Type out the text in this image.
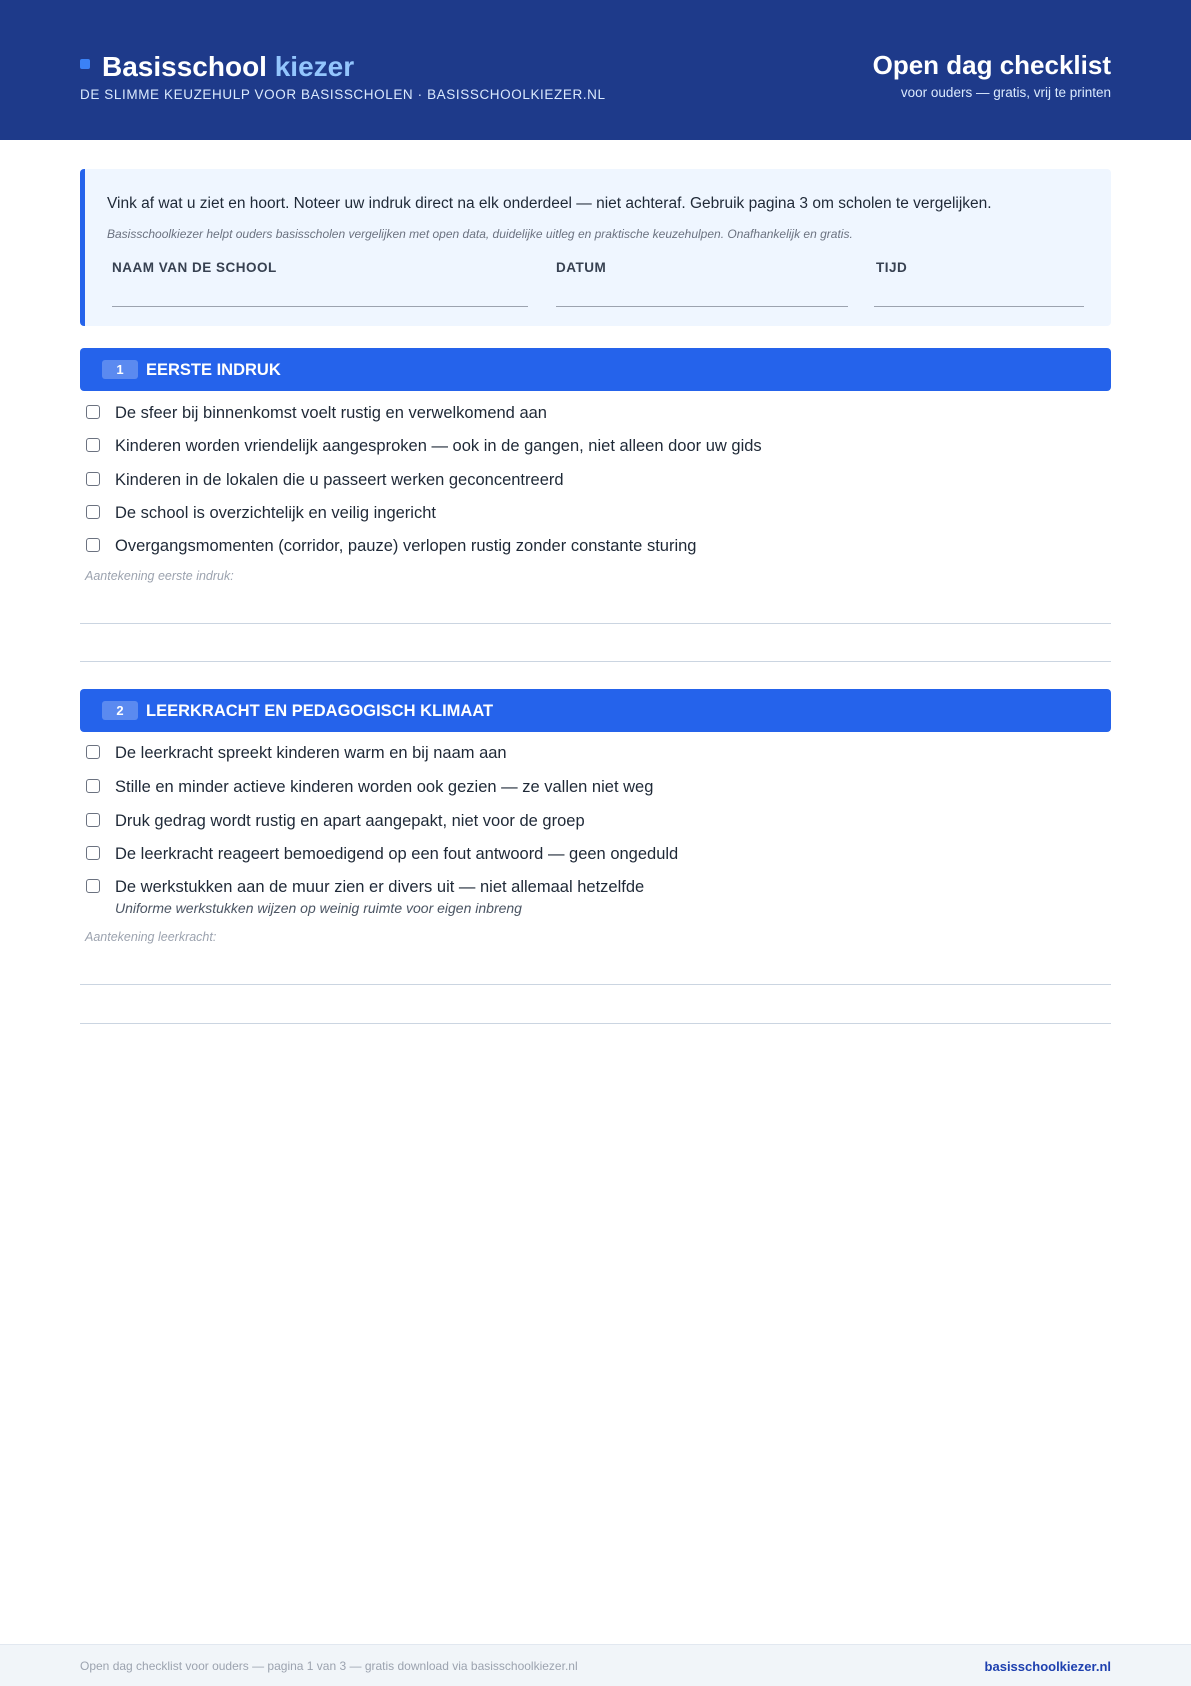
Basisschool kiezer
DE SLIMME KEUZEHULP VOOR BASISSCHOLEN · BASISSCHOOLKIEZER.NL
Open dag checklist
voor ouders — gratis, vrij te printen
Vink af wat u ziet en hoort. Noteer uw indruk direct na elk onderdeel — niet achteraf. Gebruik pagina 3 om scholen te vergelijken.
Basisschoolkiezer helpt ouders basisscholen vergelijken met open data, duidelijke uitleg en praktische keuzehulpen. Onafhankelijk en gratis.
NAAM VAN DE SCHOOL	DATUM	TIJD
1	EERSTE INDRUK
De sfeer bij binnenkomst voelt rustig en verwelkomend aan
Kinderen worden vriendelijk aangesproken — ook in de gangen, niet alleen door uw gids
Kinderen in de lokalen die u passeert werken geconcentreerd
De school is overzichtelijk en veilig ingericht
Overgangsmomenten (corridor, pauze) verlopen rustig zonder constante sturing
Aantekening eerste indruk:
2	LEERKRACHT EN PEDAGOGISCH KLIMAAT
De leerkracht spreekt kinderen warm en bij naam aan
Stille en minder actieve kinderen worden ook gezien — ze vallen niet weg
Druk gedrag wordt rustig en apart aangepakt, niet voor de groep
De leerkracht reageert bemoedigend op een fout antwoord — geen ongeduld
De werkstukken aan de muur zien er divers uit — niet allemaal hetzelfde
Uniforme werkstukken wijzen op weinig ruimte voor eigen inbreng
Aantekening leerkracht:
Open dag checklist voor ouders — pagina 1 van 3 — gratis download via basisschoolkiezer.nl	basisschoolkiezer.nl
